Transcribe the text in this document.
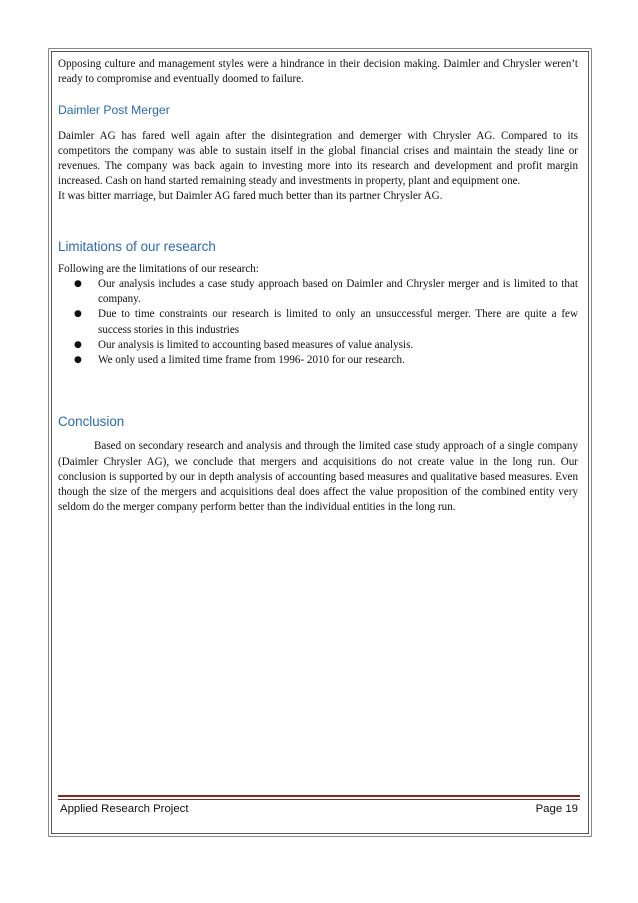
Opposing culture and management styles were a hindrance in their decision making. Daimler and Chrysler weren’t ready to compromise and eventually doomed to failure.

Daimler Post Merger

Daimler AG has fared well again after the disintegration and demerger with Chrysler AG. Compared to its competitors the company was able to sustain itself in the global financial crises and maintain the steady line or revenues. The company was back again to investing more into its research and development and profit margin increased. Cash on hand started remaining steady and investments in property, plant and equipment one.

It was bitter marriage, but Daimler AG fared much better than its partner Chrysler AG.

Limitations of our research

Following are the limitations of our research:

● Our analysis includes a case study approach based on Daimler and Chrysler merger and is limited to that company.
● Due to time constraints our research is limited to only an unsuccessful merger. There are quite a few success stories in this industries
● Our analysis is limited to accounting based measures of value analysis.
● We only used a limited time frame from 1996- 2010 for our research.
Conclusion

Based on secondary research and analysis and through the limited case study approach of a single company (Daimler Chrysler AG), we conclude that mergers and acquisitions do not create value in the long run. Our conclusion is supported by our in depth analysis of accounting based measures and qualitative based measures. Even though the size of the mergers and acquisitions deal does affect the value proposition of the combined entity very seldom do the merger company perform better than the individual entities in the long run.

Applied Research Project	Page 19
